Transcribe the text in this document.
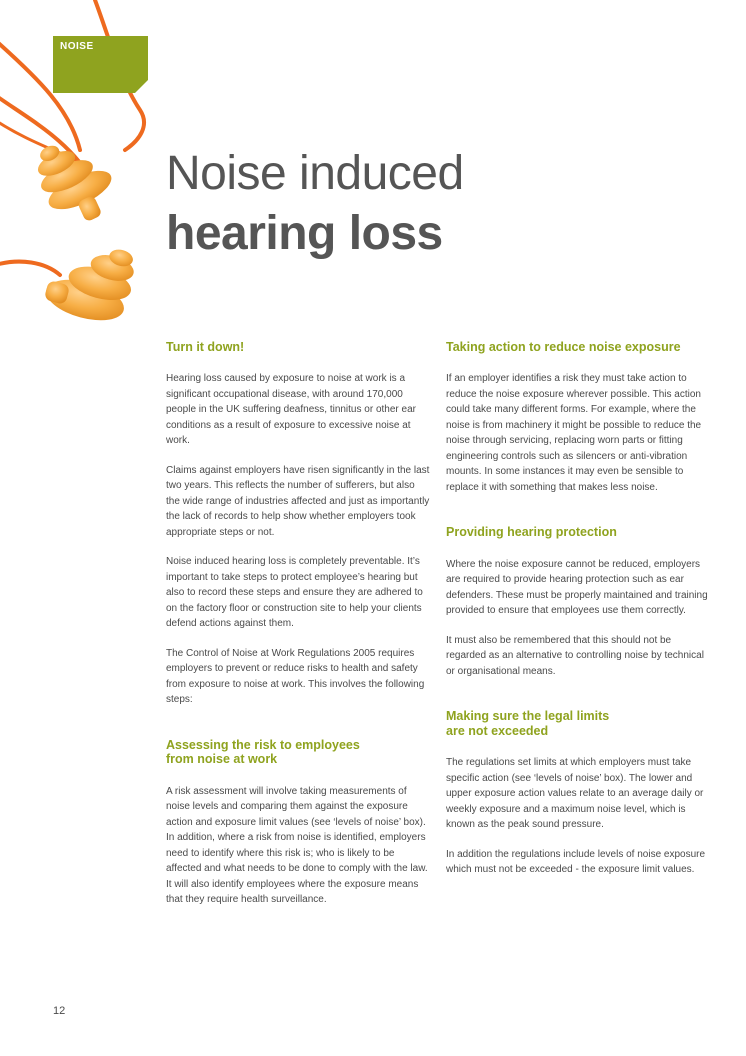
NOISE
Noise induced
hearing loss
Turn it down!

Hearing loss caused by exposure to noise at work is a significant occupational disease, with around 170,000 people in the UK suffering deafness, tinnitus or other ear conditions as a result of exposure to excessive noise at work.

Claims against employers have risen significantly in the last two years. This reflects the number of sufferers, but also the wide range of industries affected and just as importantly the lack of records to help show whether employers took appropriate steps or not.

Noise induced hearing loss is completely preventable. It’s important to take steps to protect employee’s hearing but also to record these steps and ensure they are adhered to on the factory floor or construction site to help your clients defend actions against them.

The Control of Noise at Work Regulations 2005 requires employers to prevent or reduce risks to health and safety from exposure to noise at work. This involves the following steps:

Assessing the risk to employees
from noise at work

A risk assessment will involve taking measurements of noise levels and comparing them against the exposure action and exposure limit values (see ‘levels of noise’ box). In addition, where a risk from noise is identified, employers need to identify where this risk is; who is likely to be affected and what needs to be done to comply with the law. It will also identify employees where the exposure means that they require health surveillance.

Taking action to reduce noise exposure

If an employer identifies a risk they must take action to reduce the noise exposure wherever possible. This action could take many different forms. For example, where the noise is from machinery it might be possible to reduce the noise through servicing, replacing worn parts or fitting engineering controls such as silencers or anti-vibration mounts. In some instances it may even be sensible to replace it with something that makes less noise.

Providing hearing protection

Where the noise exposure cannot be reduced, employers are required to provide hearing protection such as ear defenders. These must be properly maintained and training provided to ensure that employees use them correctly.

It must also be remembered that this should not be regarded as an alternative to controlling noise by technical or organisational means.

Making sure the legal limits
are not exceeded

The regulations set limits at which employers must take specific action (see ‘levels of noise’ box). The lower and upper exposure action values relate to an average daily or weekly exposure and a maximum noise level, which is known as the peak sound pressure.

In addition the regulations include levels of noise exposure which must not be exceeded - the exposure limit values.

12
